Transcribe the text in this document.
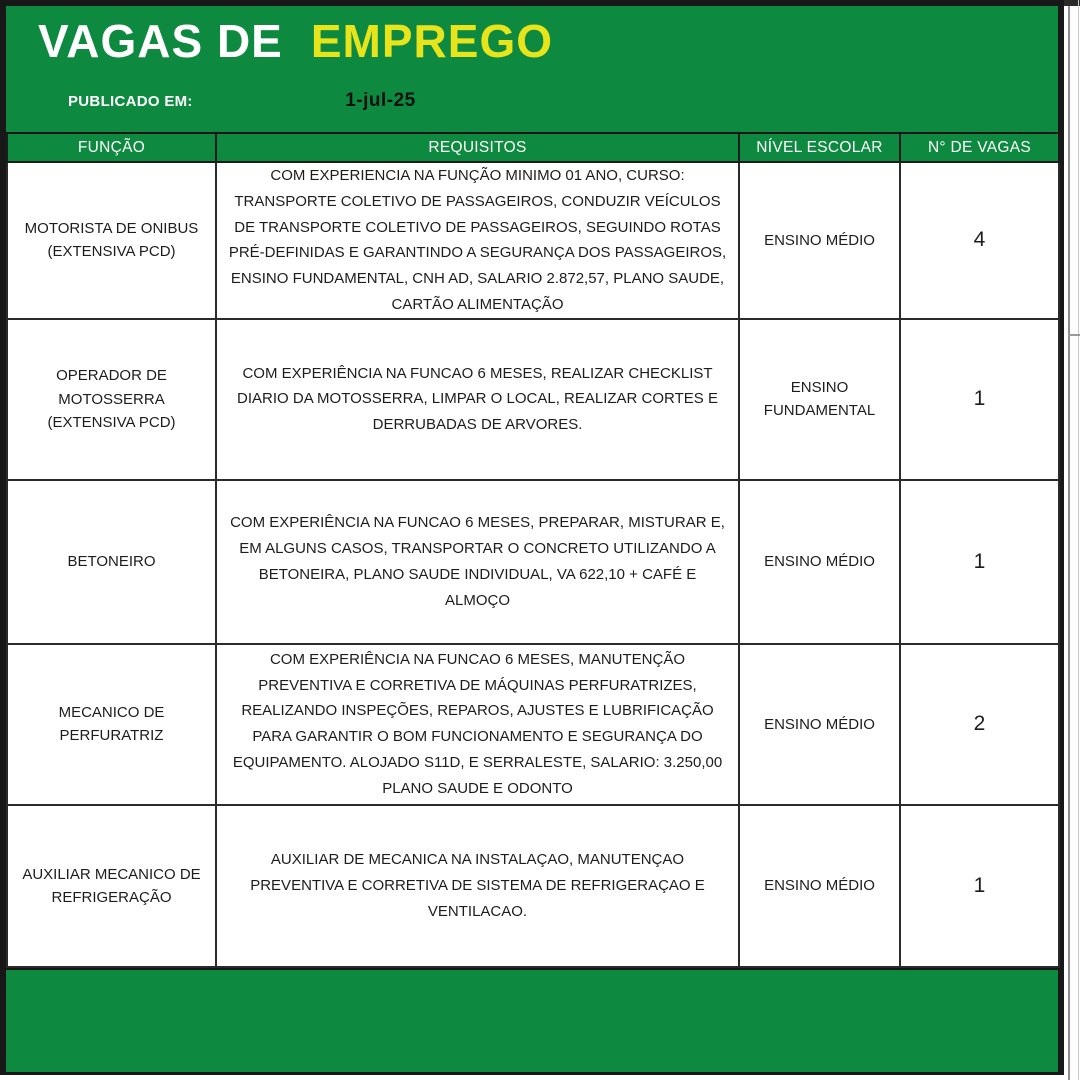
VAGAS DE EMPREGO
PUBLICADO EM:	1-jul-25
FUNÇÃO	REQUISITOS	NÍVEL ESCOLAR	N° DE VAGAS
MOTORISTA DE ONIBUS (EXTENSIVA PCD)	COM EXPERIENCIA NA FUNÇÃO MINIMO 01 ANO, CURSO: TRANSPORTE COLETIVO DE PASSAGEIROS, CONDUZIR VEÍCULOS DE TRANSPORTE COLETIVO DE PASSAGEIROS, SEGUINDO ROTAS PRÉ-DEFINIDAS E GARANTINDO A SEGURANÇA DOS PASSAGEIROS, ENSINO FUNDAMENTAL, CNH AD, SALARIO 2.872,57, PLANO SAUDE, CARTÃO ALIMENTAÇÃO	ENSINO MÉDIO	4
OPERADOR DE MOTOSSERRA (EXTENSIVA PCD)	COM EXPERIÊNCIA NA FUNCAO 6 MESES, REALIZAR CHECKLIST DIARIO DA MOTOSSERRA, LIMPAR O LOCAL, REALIZAR CORTES E DERRUBADAS DE ARVORES.	ENSINO FUNDAMENTAL	1
BETONEIRO	COM EXPERIÊNCIA NA FUNCAO 6 MESES, PREPARAR, MISTURAR E, EM ALGUNS CASOS, TRANSPORTAR O CONCRETO UTILIZANDO A BETONEIRA, PLANO SAUDE INDIVIDUAL, VA 622,10 + CAFÉ E ALMOÇO	ENSINO MÉDIO	1
MECANICO DE PERFURATRIZ	COM EXPERIÊNCIA NA FUNCAO 6 MESES, MANUTENÇÃO PREVENTIVA E CORRETIVA DE MÁQUINAS PERFURATRIZES, REALIZANDO INSPEÇÕES, REPAROS, AJUSTES E LUBRIFICAÇÃO PARA GARANTIR O BOM FUNCIONAMENTO E SEGURANÇA DO EQUIPAMENTO. ALOJADO S11D, E SERRALESTE, SALARIO: 3.250,00 PLANO SAUDE E ODONTO	ENSINO MÉDIO	2
AUXILIAR MECANICO DE REFRIGERAÇÃO	AUXILIAR DE MECANICA NA INSTALAÇAO, MANUTENÇAO PREVENTIVA E CORRETIVA DE SISTEMA DE REFRIGERAÇAO E VENTILACAO.	ENSINO MÉDIO	1
